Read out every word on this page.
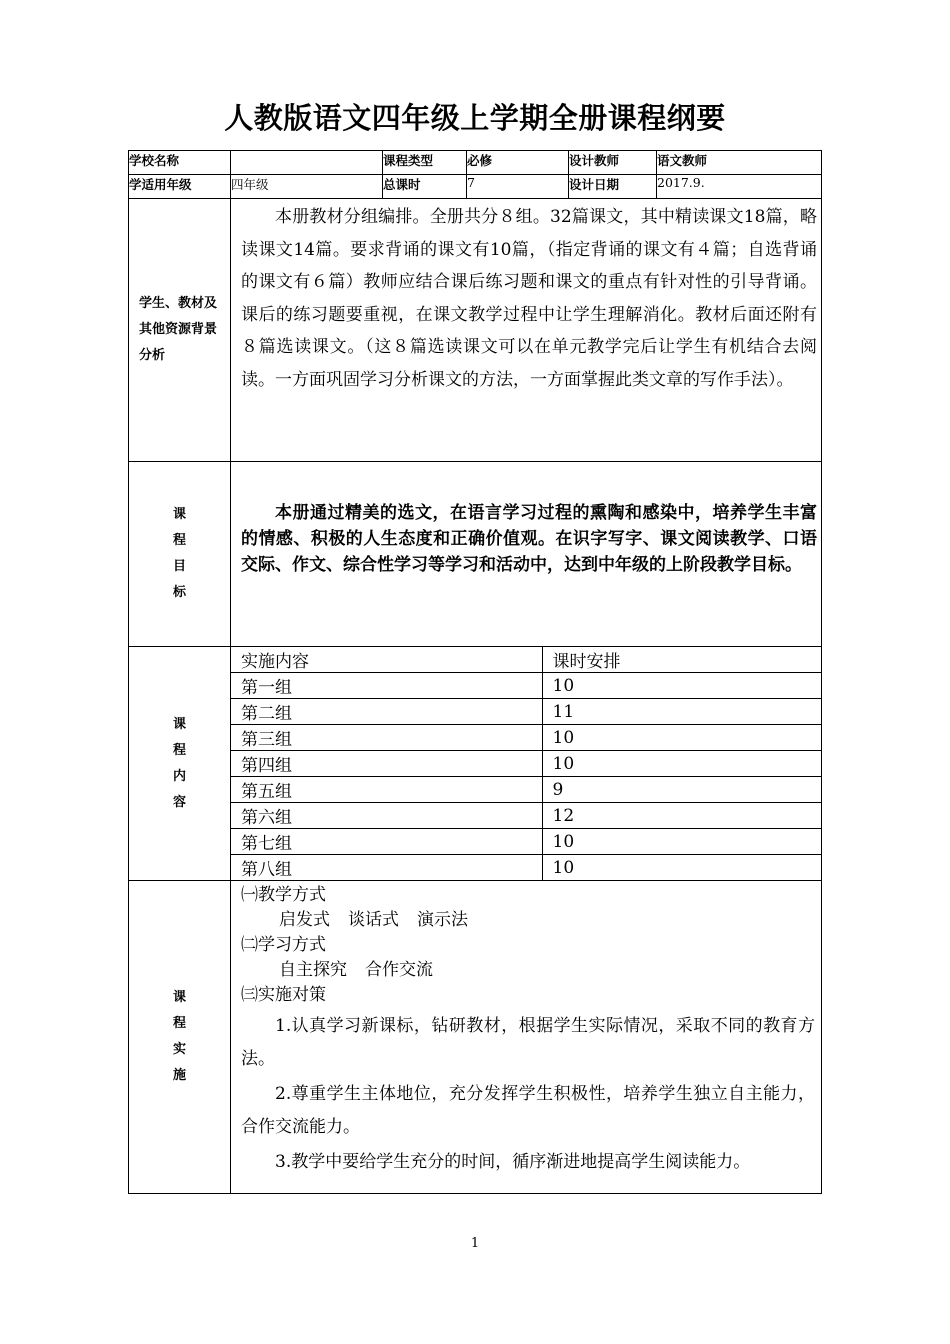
人教版语文四年级上学期全册课程纲要
学校名称		课程类型	必修	设计教师	语文教师
学适用年级	四年级	总课时	7	设计日期	2017.9.
学生、教材及其他资源背景分析	
本册教材分组编排。全册共分８组。32篇课文，其中精读课文18篇，略读课文14篇。要求背诵的课文有10篇，（指定背诵的课文有４篇；自选背诵的课文有６篇）教师应结合课后练习题和课文的重点有针对性的引导背诵。课后的练习题要重视，在课文教学过程中让学生理解消化。教材后面还附有８篇选读课文。（这８篇选读课文可以在单元教学完后让学生有机结合去阅读。一方面巩固学习分析课文的方法，一方面掌握此类文章的写作手法）。

课
程
目
标

本册通过精美的选文，在语言学习过程的熏陶和感染中，培养学生丰富的情感、积极的人生态度和正确价值观。在识字写字、课文阅读教学、口语交际、作文、综合性学习等学习和活动中，达到中年级的上阶段教学目标。

课
程
内
容

实施内容	课时安排
第一组	10
第二组	11
第三组	10
第四组	10
第五组	9
第六组	12
第七组	10
第八组	10

课
程
实
施

㈠教学方式
启发式 谈话式 演示法
㈡学习方式
自主探究 合作交流
㈢实施对策
1.认真学习新课标，钻研教材，根据学生实际情况，采取不同的教育方法。
2.尊重学生主体地位，充分发挥学生积极性，培养学生独立自主能力，合作交流能力。
3.教学中要给学生充分的时间，循序渐进地提高学生阅读能力。
1
